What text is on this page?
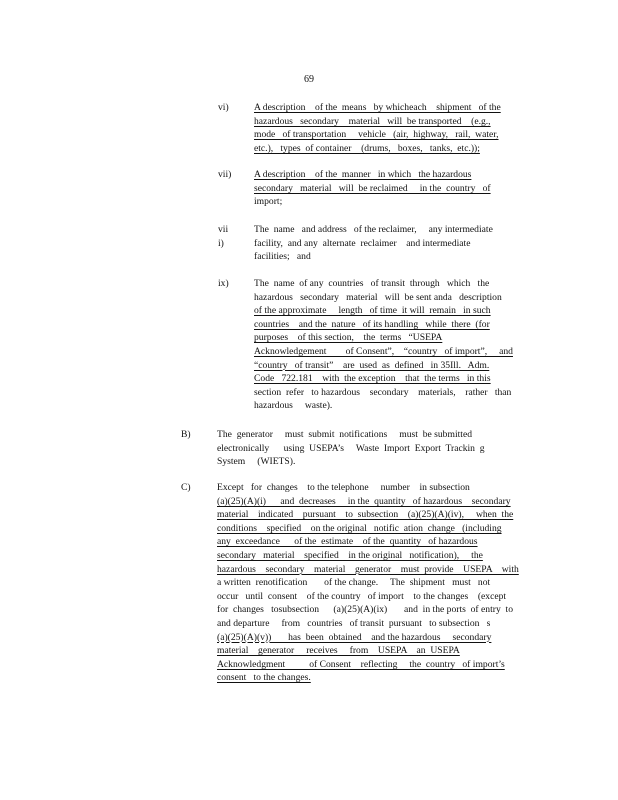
69
vi)	A description    of the  means   by whicheach    shipment   of the
hazardous   secondary    material   will  be transported    (e.g.,
mode   of transportation     vehicle   (air,  highway,   rail,  water,
etc.),   types  of container    (drums,   boxes,   tanks,  etc.));
vii) A description    of the  manner   in which   the hazardous
secondary   material   will  be reclaimed     in the  country   of
import;
vii i)
The  name   and address   of the reclaimer,     any intermediate
facility,  and any  alternate  reclaimer    and intermediate
facilities;   and
ix)	The  name  of any  countries   of transit  through   which   the
hazardous   secondary   material   will  be sent anda   description
of the approximate     length   of time  it will  remain   in such
countries    and the  nature   of its handling   while  there  (for
purposes    of this section,    the  terms   “USEPA
Acknowledgement        of Consent”,    “country   of import”,     and
“country   of transit”    are  used  as  defined   in 35Ill.   Adm.
Code   722.181    with  the exception    that  the terms   in this
section  refer   to hazardous    secondary    materials,    rather   than
hazardous     waste).
B)	The  generator     must  submit  notifications     must  be submitted
electronically      using  USEPA’s     Waste  Import  Export  Trackin  g
System     (WIETS).
C)	Except   for  changes    to the telephone     number    in subsection
(a)(25)(A)(i)      and  decreases     in the  quantity   of hazardous    secondary
material    indicated    pursuant    to  subsection    (a)(25)(A)(iv),     when  the
conditions    specified    on the original   notific  ation  change   (including
any  exceedance      of the  estimate    of the  quantity   of hazardous
secondary   material    specified    in the original   notification),     the
hazardous    secondary    material    generator    must  provide    USEPA    with
a written  renotification       of the change.     The  shipment   must   not
occur   until  consent    of the country   of import    to the changes    (except
for  changes   tosubsection      (a)(25)(A)(ix)       and  in the ports  of entry  to
and departure     from   countries   of transit  pursuant   to subsection   s
(a)(25)(A)(v))       has  been  obtained    and the hazardous     secondary
material    generator     receives     from    USEPA    an  USEPA
Acknowledgment          of Consent    reflecting     the  country   of import’s
consent   to the changes.
